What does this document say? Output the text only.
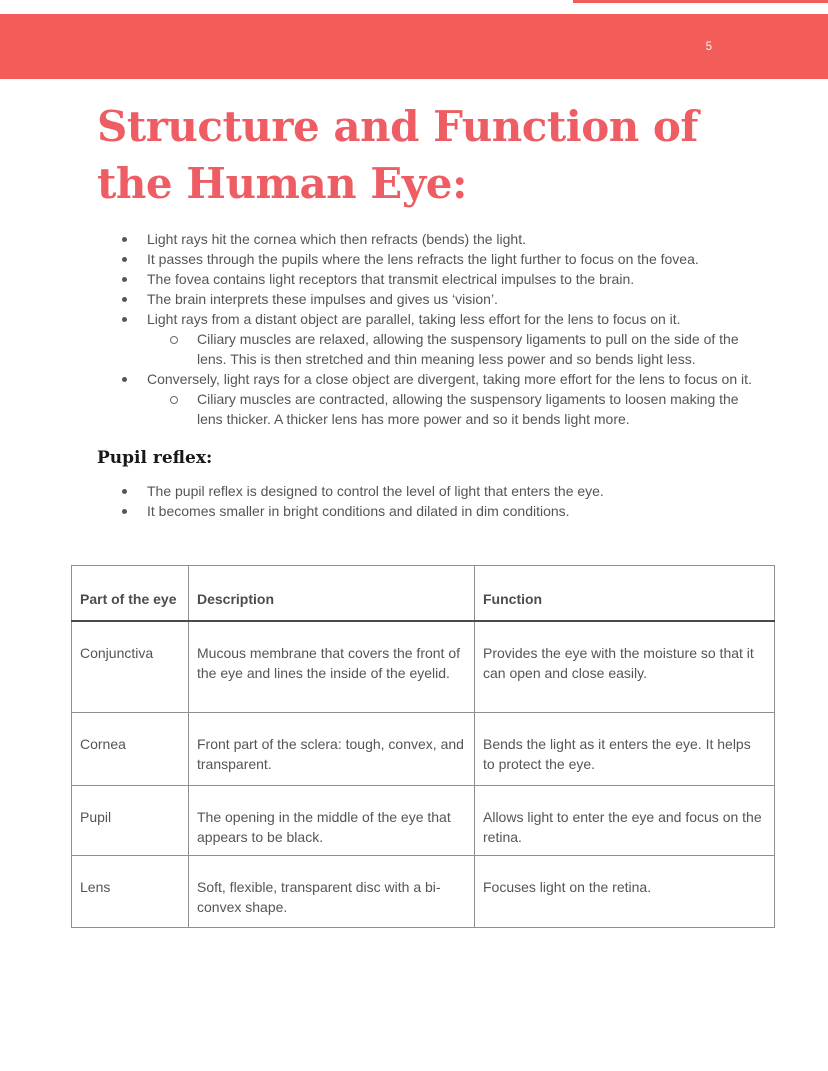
5
Structure and Function of
the Human Eye:
Light rays hit the cornea which then refracts (bends) the light.
It passes through the pupils where the lens refracts the light further to focus on the fovea.
The fovea contains light receptors that transmit electrical impulses to the brain.
The brain interprets these impulses and gives us ‘vision’.
Light rays from a distant object are parallel, taking less effort for the lens to focus on it.
Ciliary muscles are relaxed, allowing the suspensory ligaments to pull on the side of the lens. This is then stretched and thin meaning less power and so bends light less.
Conversely, light rays for a close object are divergent, taking more effort for the lens to focus on it.
Ciliary muscles are contracted, allowing the suspensory ligaments to loosen making the lens thicker. A thicker lens has more power and so it bends light more.
Pupil reflex:
The pupil reflex is designed to control the level of light that enters the eye.
It becomes smaller in bright conditions and dilated in dim conditions.
Part of the eye	Description	Function
Conjunctiva	Mucous membrane that covers the front of the eye and lines the inside of the eyelid.	Provides the eye with the moisture so that it can open and close easily.
Cornea	Front part of the sclera: tough, convex, and transparent.	Bends the light as it enters the eye. It helps to protect the eye.
Pupil	The opening in the middle of the eye that appears to be black.	Allows light to enter the eye and focus on the retina.
Lens	Soft, flexible, transparent disc with a bi-convex shape.	Focuses light on the retina.
